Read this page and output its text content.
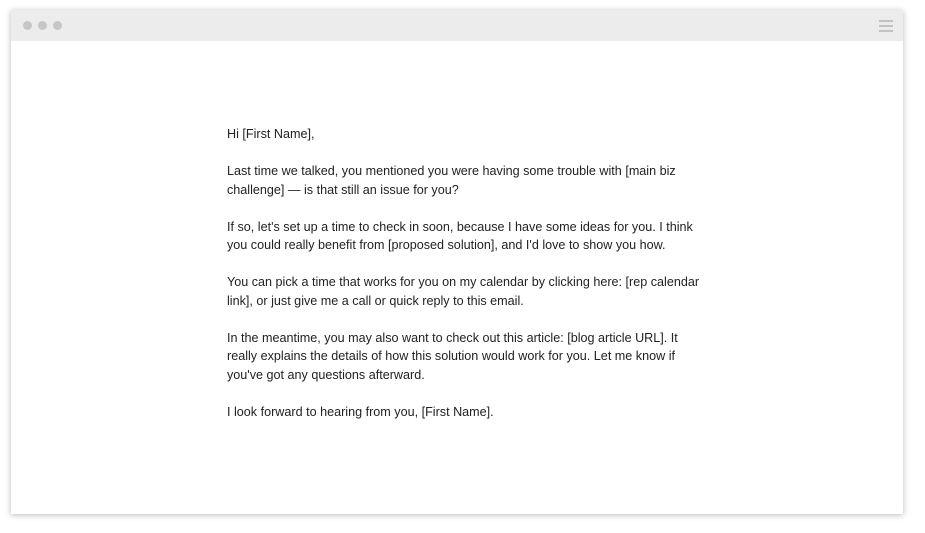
Hi [First Name],

Last time we talked, you mentioned you were having some trouble with [main biz challenge] — is that still an issue for you?

If so, let's set up a time to check in soon, because I have some ideas for you. I think you could really benefit from [proposed solution], and I'd love to show you how.

You can pick a time that works for you on my calendar by clicking here: [rep calendar link], or just give me a call or quick reply to this email.

In the meantime, you may also want to check out this article: [blog article URL]. It really explains the details of how this solution would work for you. Let me know if you've got any questions afterward.

I look forward to hearing from you, [First Name].
